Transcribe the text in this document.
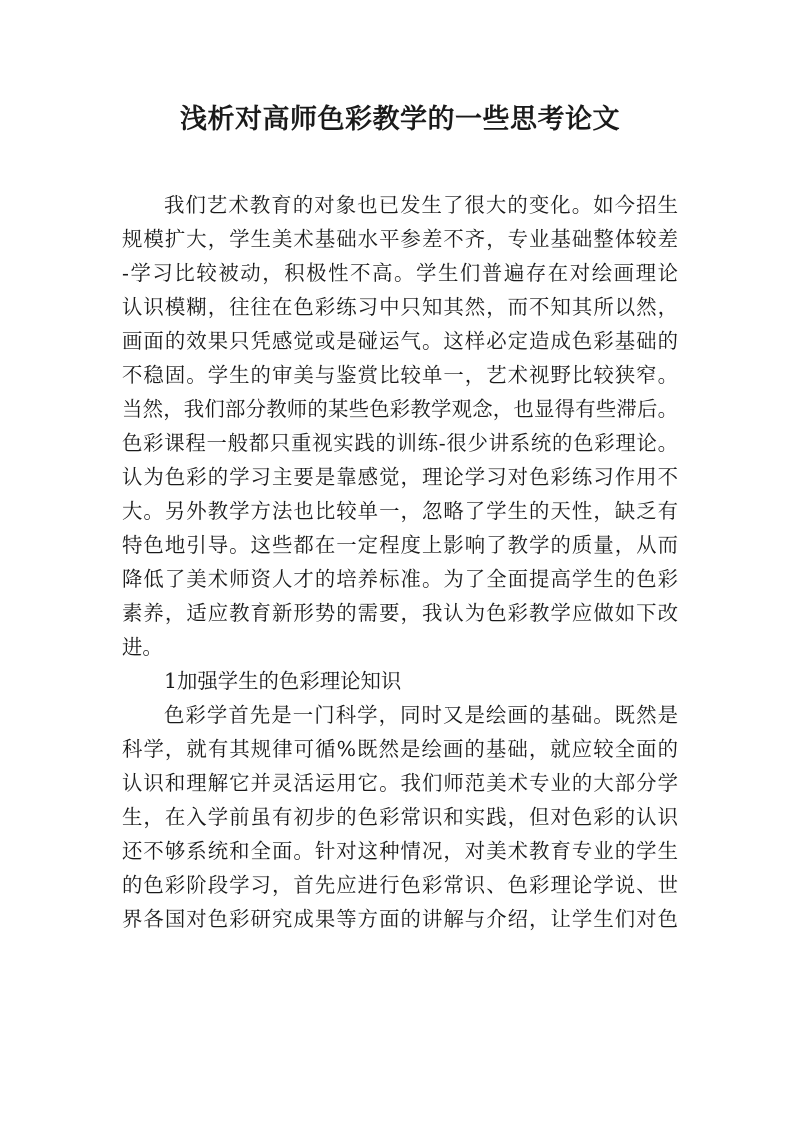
浅析对高师色彩教学的一些思考论文
我们艺术教育的对象也已发生了很大的变化。如今招生
规模扩大，学生美术基础水平参差不齐，专业基础整体较差
-学习比较被动，积极性不高。学生们普遍存在对绘画理论
认识模糊，往往在色彩练习中只知其然，而不知其所以然，
画面的效果只凭感觉或是碰运气。这样必定造成色彩基础的
不稳固。学生的审美与鉴赏比较单一，艺术视野比较狭窄。
当然，我们部分教师的某些色彩教学观念，也显得有些滞后。
色彩课程一般都只重视实践的训练-很少讲系统的色彩理论。
认为色彩的学习主要是靠感觉，理论学习对色彩练习作用不
大。另外教学方法也比较单一，忽略了学生的天性，缺乏有
特色地引导。这些都在一定程度上影响了教学的质量，从而
降低了美术师资人才的培养标准。为了全面提高学生的色彩
素养，适应教育新形势的需要，我认为色彩教学应做如下改
进。
1加强学生的色彩理论知识
色彩学首先是一门科学，同时又是绘画的基础。既然是
科学，就有其规律可循%既然是绘画的基础，就应较全面的
认识和理解它并灵活运用它。我们师范美术专业的大部分学
生，在入学前虽有初步的色彩常识和实践，但对色彩的认识
还不够系统和全面。针对这种情况，对美术教育专业的学生
的色彩阶段学习，首先应进行色彩常识、色彩理论学说、世
界各国对色彩研究成果等方面的讲解与介绍，让学生们对色
